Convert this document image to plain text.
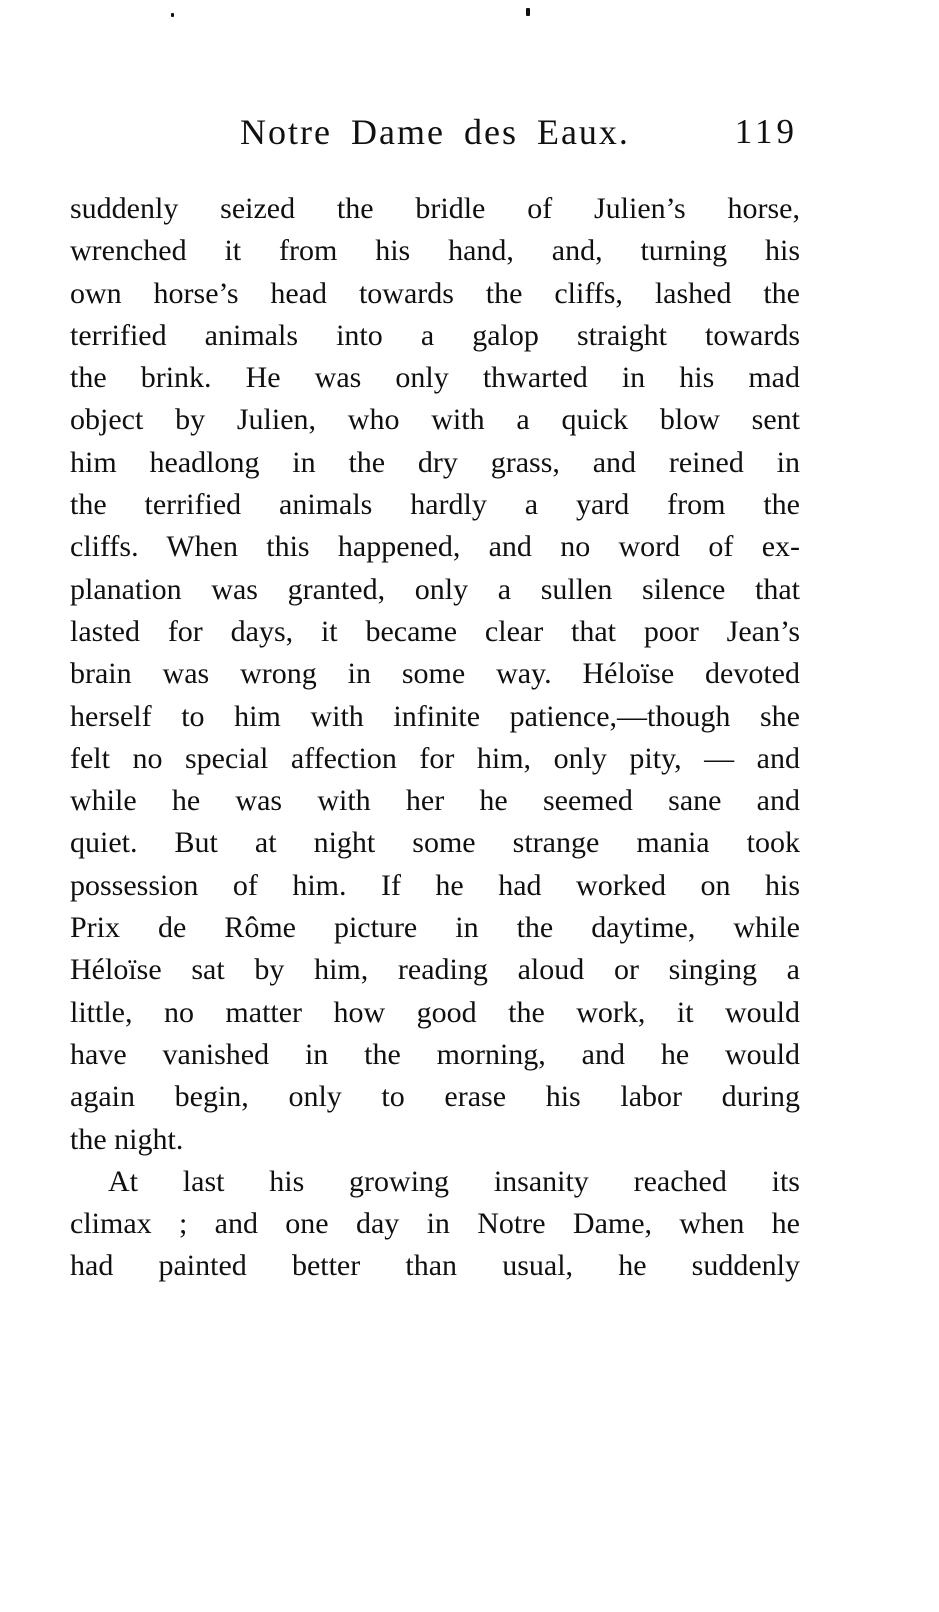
Notre Dame des Eaux.	119
suddenly seized the bridle of Julien’s horse,
wrenched it from his hand, and, turning his
own horse’s head towards the cliffs, lashed the
terrified animals into a galop straight towards
the brink. He was only thwarted in his mad
object by Julien, who with a quick blow sent
him headlong in the dry grass, and reined in
the terrified animals hardly a yard from the
cliffs. When this happened, and no word of ex-
planation was granted, only a sullen silence that
lasted for days, it became clear that poor Jean’s
brain was wrong in some way. Héloïse devoted
herself to him with infinite patience,—though she
felt no special affection for him, only pity, — and
while he was with her he seemed sane and
quiet. But at night some strange mania took
possession of him. If he had worked on his
Prix de Rôme picture in the daytime, while
Héloïse sat by him, reading aloud or singing a
little, no matter how good the work, it would
have vanished in the morning, and he would
again begin, only to erase his labor during
the night.
At last his growing insanity reached its
climax ; and one day in Notre Dame, when he
had painted better than usual, he suddenly
